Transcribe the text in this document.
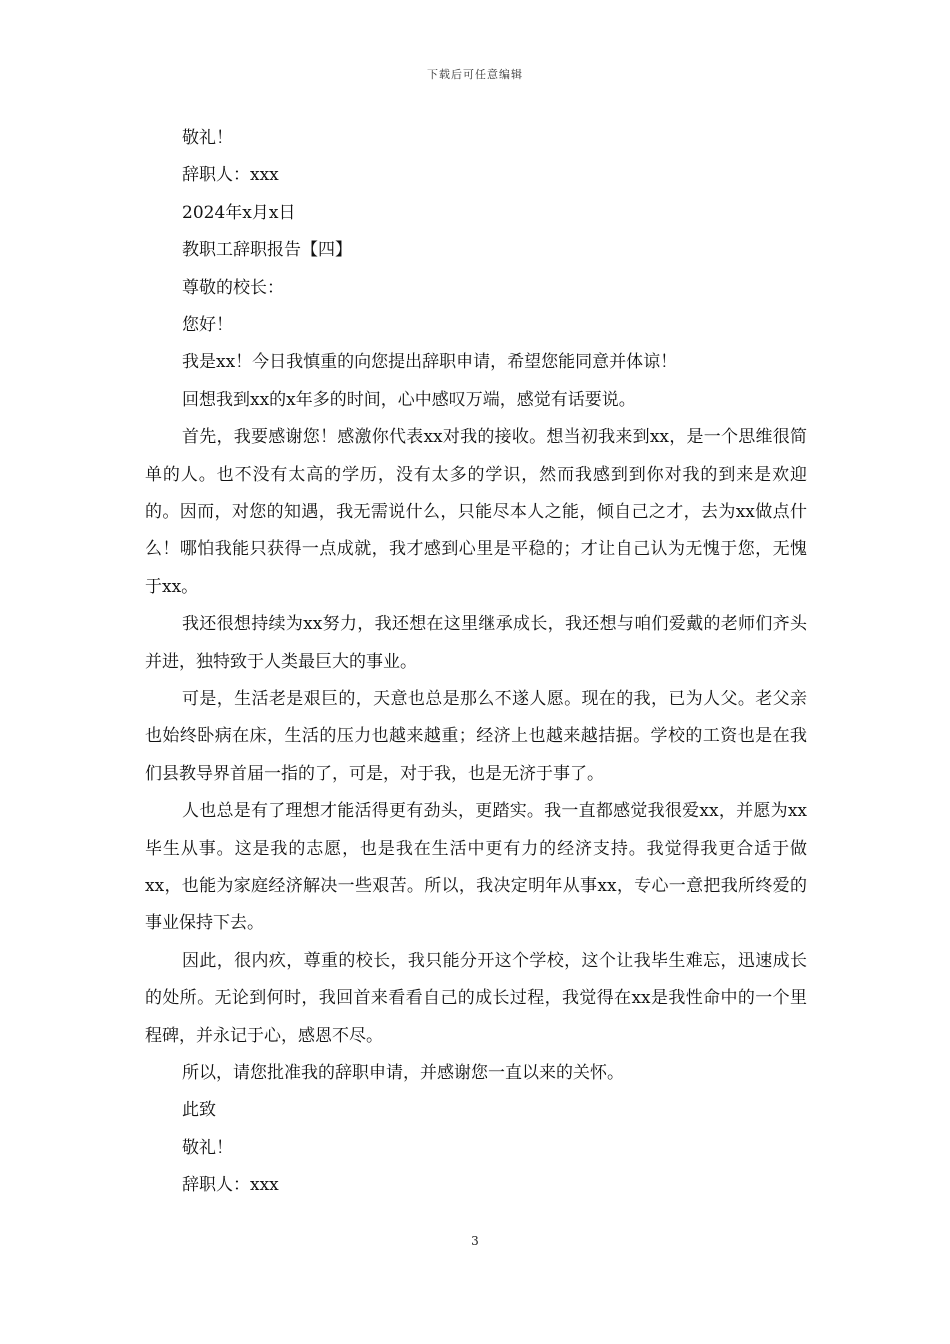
下载后可任意编辑
敬礼！
辞职人：xxx
2024年x月x日
教职工辞职报告【四】
尊敬的校长：
您好！
我是xx！今日我慎重的向您提出辞职申请，希望您能同意并体谅！
回想我到xx的x年多的时间，心中感叹万端，感觉有话要说。

首先，我要感谢您！感激你代表xx对我的接收。想当初我来到xx，是一个思维很简单的人。也不没有太高的学历，没有太多的学识，然而我感到到你对我的到来是欢迎的。因而，对您的知遇，我无需说什么，只能尽本人之能，倾自己之才，去为xx做点什么！哪怕我能只获得一点成就，我才感到心里是平稳的；才让自己认为无愧于您，无愧于xx。

我还很想持续为xx努力，我还想在这里继承成长，我还想与咱们爱戴的老师们齐头并进，独特致于人类最巨大的事业。

可是，生活老是艰巨的，天意也总是那么不遂人愿。现在的我，已为人父。老父亲也始终卧病在床，生活的压力也越来越重；经济上也越来越拮据。学校的工资也是在我们县教导界首届一指的了，可是，对于我，也是无济于事了。

人也总是有了理想才能活得更有劲头，更踏实。我一直都感觉我很爱xx，并愿为xx毕生从事。这是我的志愿，也是我在生活中更有力的经济支持。我觉得我更合适于做xx，也能为家庭经济解决一些艰苦。所以，我决定明年从事xx，专心一意把我所终爱的事业保持下去。

因此，很内疚，尊重的校长，我只能分开这个学校，这个让我毕生难忘，迅速成长的处所。无论到何时，我回首来看看自己的成长过程，我觉得在xx是我性命中的一个里程碑，并永记于心，感恩不尽。

所以，请您批准我的辞职申请，并感谢您一直以来的关怀。
此致
敬礼！
辞职人：xxx
3
